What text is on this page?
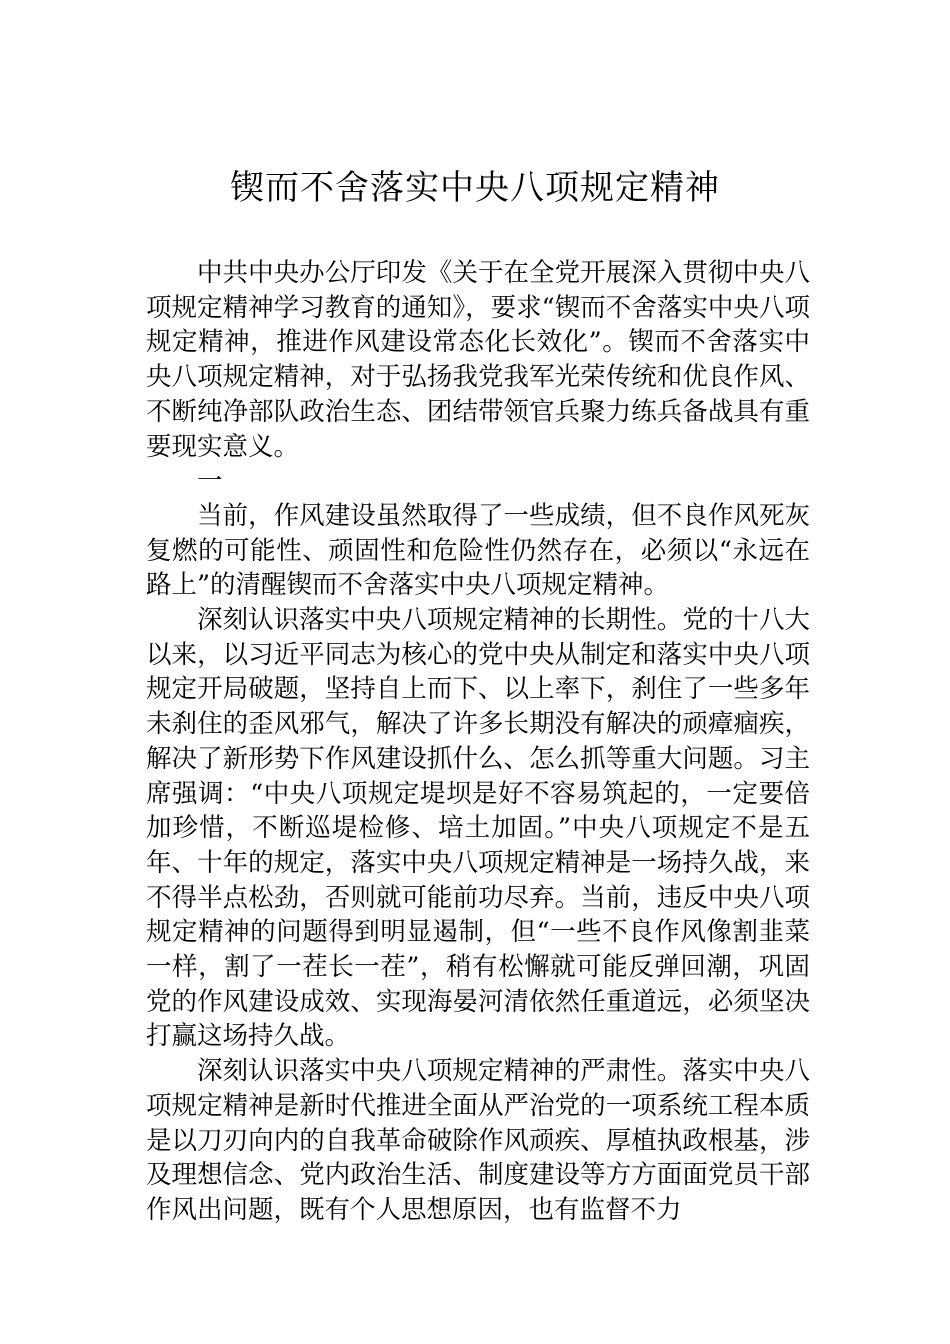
锲而不舍落实中央八项规定精神

中共中央办公厅印发《关于在全党开展深入贯彻中央八项规定精神学习教育的通知》，要求“锲而不舍落实中央八项规定精神，推进作风建设常态化长效化”。锲而不舍落实中央八项规定精神，对于弘扬我党我军光荣传统和优良作风、不断纯净部队政治生态、团结带领官兵聚力练兵备战具有重要现实意义。

一

当前，作风建设虽然取得了一些成绩，但不良作风死灰复燃的可能性、顽固性和危险性仍然存在，必须以“永远在路上”的清醒锲而不舍落实中央八项规定精神。

深刻认识落实中央八项规定精神的长期性。党的十八大以来，以习近平同志为核心的党中央从制定和落实中央八项规定开局破题，坚持自上而下、以上率下，刹住了一些多年未刹住的歪风邪气，解决了许多长期没有解决的顽瘴痼疾，解决了新形势下作风建设抓什么、怎么抓等重大问题。习主席强调：“中央八项规定堤坝是好不容易筑起的，一定要倍加珍惜，不断巡堤检修、培土加固。”中央八项规定不是五年、十年的规定，落实中央八项规定精神是一场持久战，来不得半点松劲，否则就可能前功尽弃。当前，违反中央八项规定精神的问题得到明显遏制，但“一些不良作风像割韭菜一样，割了一茬长一茬”，稍有松懈就可能反弹回潮，巩固党的作风建设成效、实现海晏河清依然任重道远，必须坚决打赢这场持久战。

深刻认识落实中央八项规定精神的严肃性。落实中央八项规定精神是新时代推进全面从严治党的一项系统工程本质是以刀刃向内的自我革命破除作风顽疾、厚植执政根基，涉及理想信念、党内政治生活、制度建设等方方面面党员干部作风出问题，既有个人思想原因，也有监督不力
